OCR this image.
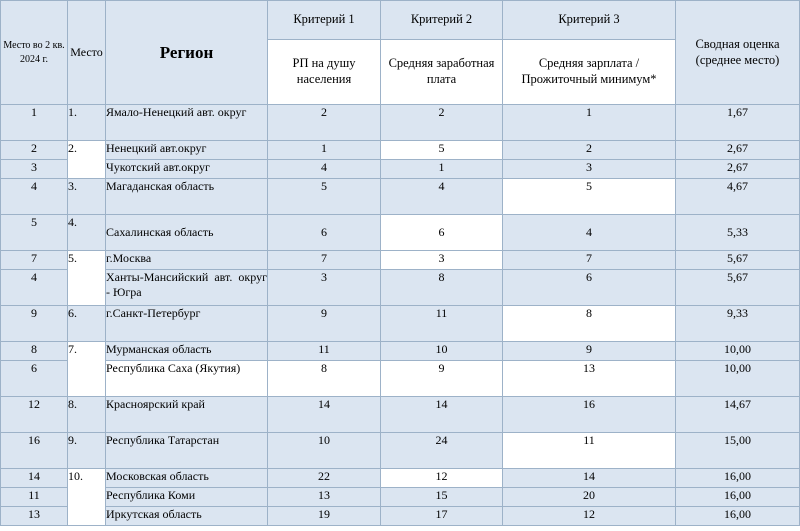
Место во 2 кв. 2024 г.	Место	Регион	Критерий 1	Критерий 2	Критерий 3	Сводная оценка (среднее место)
			РП на душу населения	Средняя заработная плата	Средняя зарплата / Прожиточный минимум*	
1	1.	Ямало-Ненецкий авт. округ	2	2	1	1,67
2	2.	Ненецкий авт.округ	1	5	2	2,67
3		Чукотский авт.округ	4	1	3	2,67
4	3.	Магаданская область	5	4	5	4,67
5	4.	Сахалинская область	6	6	4	5,33
7	5.	г.Москва	7	3	7	5,67
4		Ханты-Мансийский авт. округ - Югра	3	8	6	5,67
9	6.	г.Санкт-Петербург	9	11	8	9,33
8	7.	Мурманская область	11	10	9	10,00
6		Республика Саха (Якутия)	8	9	13	10,00
12	8.	Красноярский край	14	14	16	14,67
16	9.	Республика Татарстан	10	24	11	15,00
14	10.	Московская область	22	12	14	16,00
11		Республика Коми	13	15	20	16,00
13		Иркутская область	19	17	12	16,00
